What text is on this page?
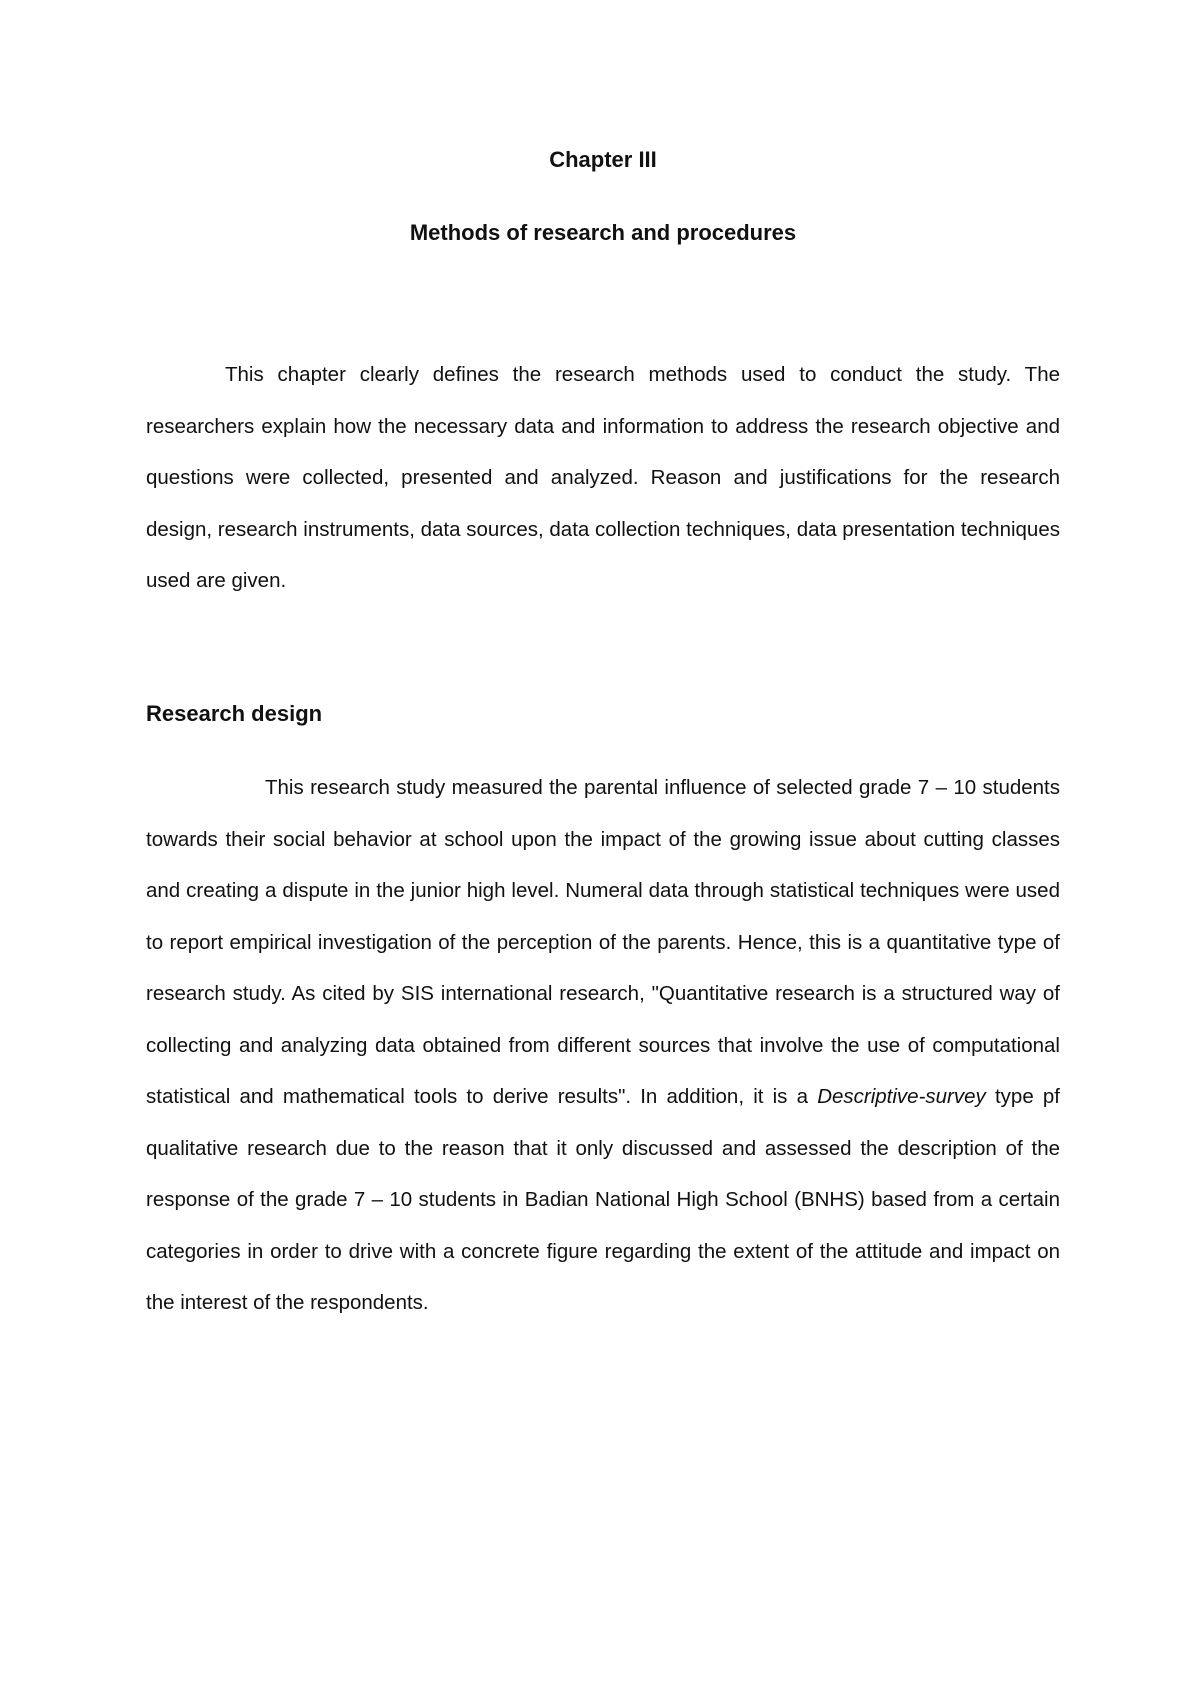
Chapter III
Methods of research and procedures

This chapter clearly defines the research methods used to conduct the study. The researchers explain how the necessary data and information to address the research objective and questions were collected, presented and analyzed. Reason and justifications for the research design, research instruments, data sources, data collection techniques, data presentation techniques used are given.

Research design

This research study measured the parental influence of selected grade 7 – 10 students towards their social behavior at school upon the impact of the growing issue about cutting classes and creating a dispute in the junior high level. Numeral data through statistical techniques were used to report empirical investigation of the perception of the parents. Hence, this is a quantitative type of research study. As cited by SIS international research, "Quantitative research is a structured way of collecting and analyzing data obtained from different sources that involve the use of computational statistical and mathematical tools to derive results". In addition, it is a Descriptive-survey type pf qualitative research due to the reason that it only discussed and assessed the description of the response of the grade 7 – 10 students in Badian National High School (BNHS) based from a certain categories in order to drive with a concrete figure regarding the extent of the attitude and impact on the interest of the respondents.
